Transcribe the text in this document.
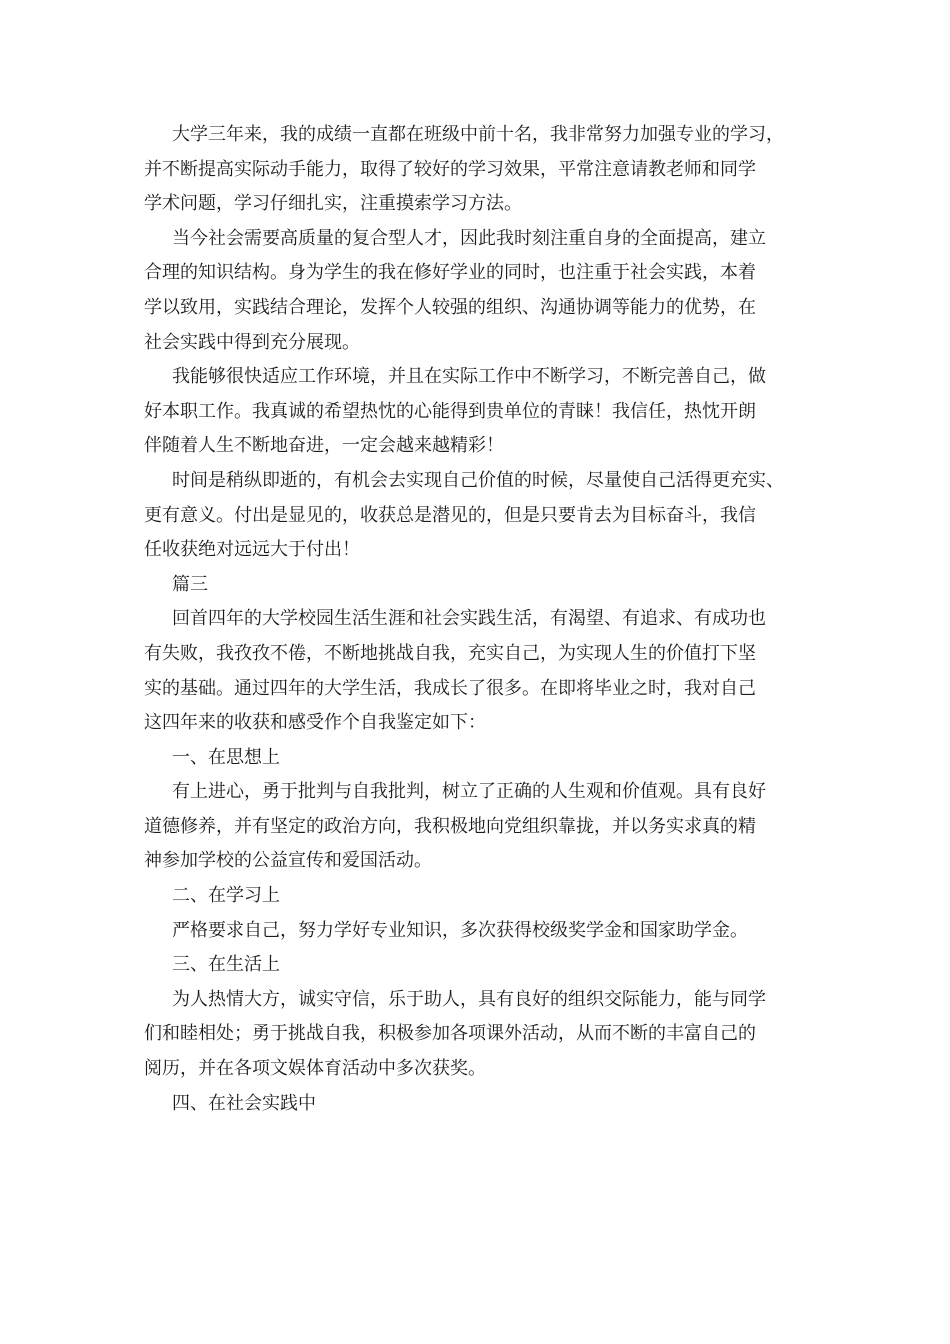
大学三年来，我的成绩一直都在班级中前十名，我非常努力加强专业的学习，
并不断提高实际动手能力，取得了较好的学习效果，平常注意请教老师和同学
学术问题，学习仔细扎实，注重摸索学习方法。
当今社会需要高质量的复合型人才，因此我时刻注重自身的全面提高，建立
合理的知识结构。身为学生的我在修好学业的同时，也注重于社会实践，本着
学以致用，实践结合理论，发挥个人较强的组织、沟通协调等能力的优势，在
社会实践中得到充分展现。
我能够很快适应工作环境，并且在实际工作中不断学习，不断完善自己，做
好本职工作。我真诚的希望热忱的心能得到贵单位的青睐！我信任，热忱开朗
伴随着人生不断地奋进，一定会越来越精彩！
时间是稍纵即逝的，有机会去实现自己价值的时候，尽量使自己活得更充实、
更有意义。付出是显见的，收获总是潜见的，但是只要肯去为目标奋斗，我信
任收获绝对远远大于付出！
篇三
回首四年的大学校园生活生涯和社会实践生活，有渴望、有追求、有成功也
有失败，我孜孜不倦，不断地挑战自我，充实自己，为实现人生的价值打下坚
实的基础。通过四年的大学生活，我成长了很多。在即将毕业之时，我对自己
这四年来的收获和感受作个自我鉴定如下：
一、在思想上
有上进心，勇于批判与自我批判，树立了正确的人生观和价值观。具有良好
道德修养，并有坚定的政治方向，我积极地向党组织靠拢，并以务实求真的精
神参加学校的公益宣传和爱国活动。
二、在学习上
严格要求自己，努力学好专业知识，多次获得校级奖学金和国家助学金。
三、在生活上
为人热情大方，诚实守信，乐于助人，具有良好的组织交际能力，能与同学
们和睦相处；勇于挑战自我，积极参加各项课外活动，从而不断的丰富自己的
阅历，并在各项文娱体育活动中多次获奖。
四、在社会实践中
